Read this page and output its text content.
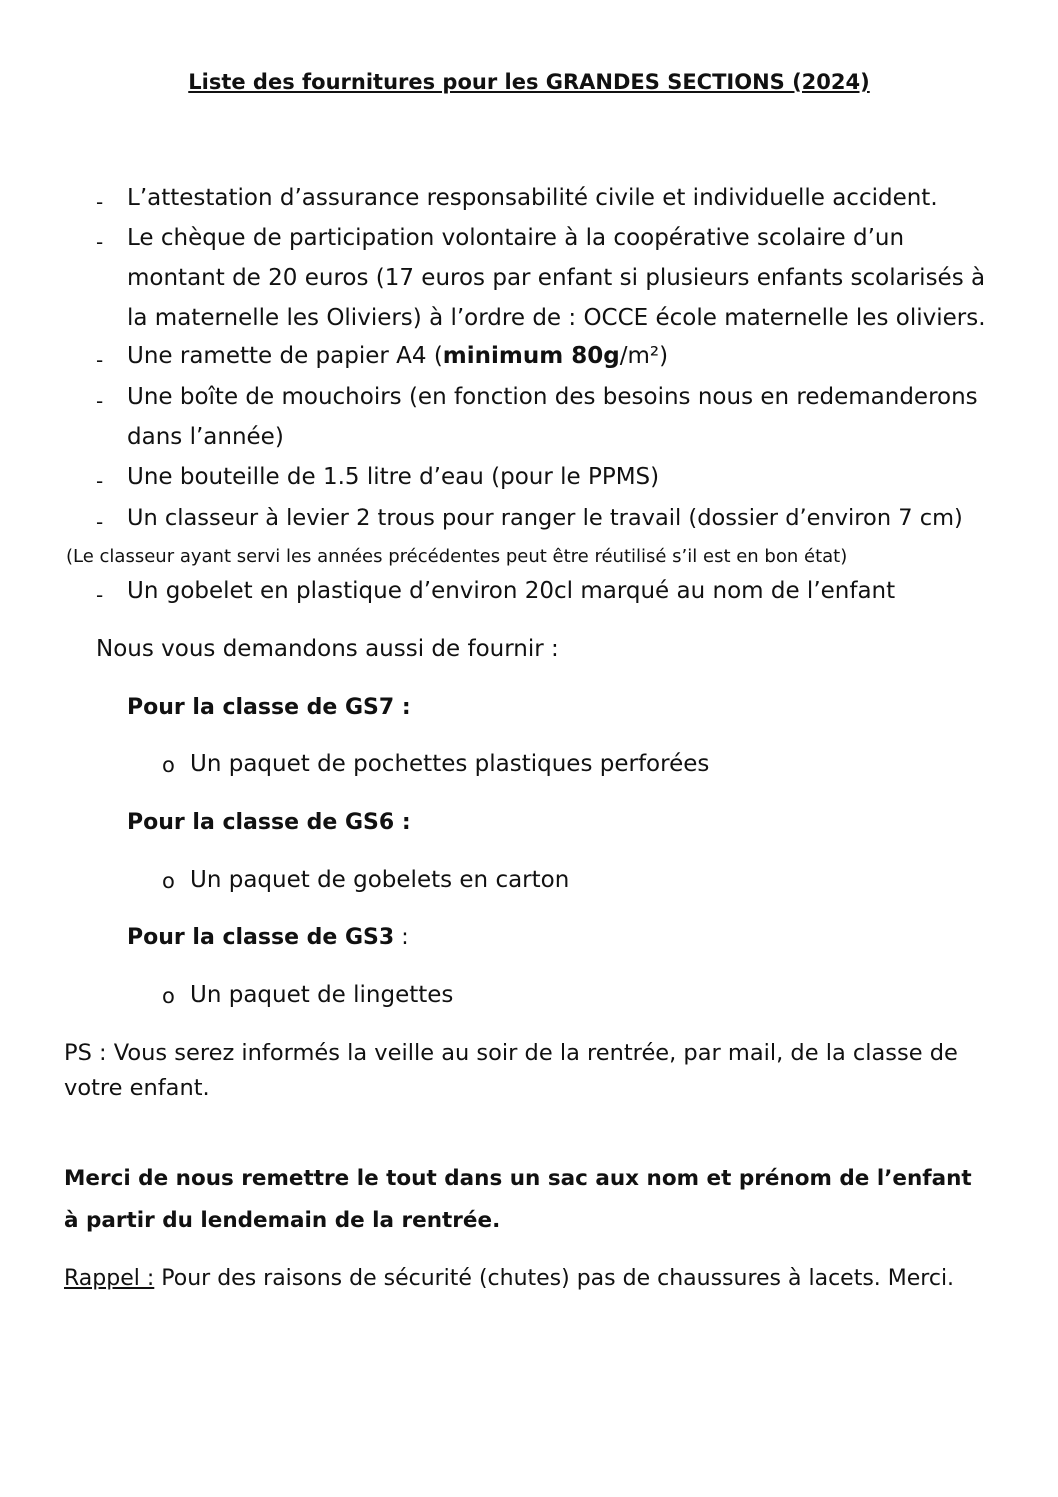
Liste des fournitures pour les GRANDES SECTIONS (2024)
- L’attestation d’assurance responsabilité civile et individuelle accident.
- Le chèque de participation volontaire à la coopérative scolaire d’un
montant de 20 euros (17 euros par enfant si plusieurs enfants scolarisés à
la maternelle les Oliviers) à l’ordre de : OCCE école maternelle les oliviers.
- Une ramette de papier A4 (minimum 80g/m²)
- Une boîte de mouchoirs (en fonction des besoins nous en redemanderons
dans l’année)
- Une bouteille de 1.5 litre d’eau (pour le PPMS)
- Un classeur à levier 2 trous pour ranger le travail (dossier d’environ 7 cm)
(Le classeur ayant servi les années précédentes peut être réutilisé s’il est en bon état)
- Un gobelet en plastique d’environ 20cl marqué au nom de l’enfant
Nous vous demandons aussi de fournir :
Pour la classe de GS7 :
o Un paquet de pochettes plastiques perforées
Pour la classe de GS6 :
o Un paquet de gobelets en carton
Pour la classe de GS3 :
o Un paquet de lingettes
PS : Vous serez informés la veille au soir de la rentrée, par mail, de la classe de
votre enfant.
Merci de nous remettre le tout dans un sac aux nom et prénom de l’enfant
à partir du lendemain de la rentrée.
Rappel : Pour des raisons de sécurité (chutes) pas de chaussures à lacets. Merci.
